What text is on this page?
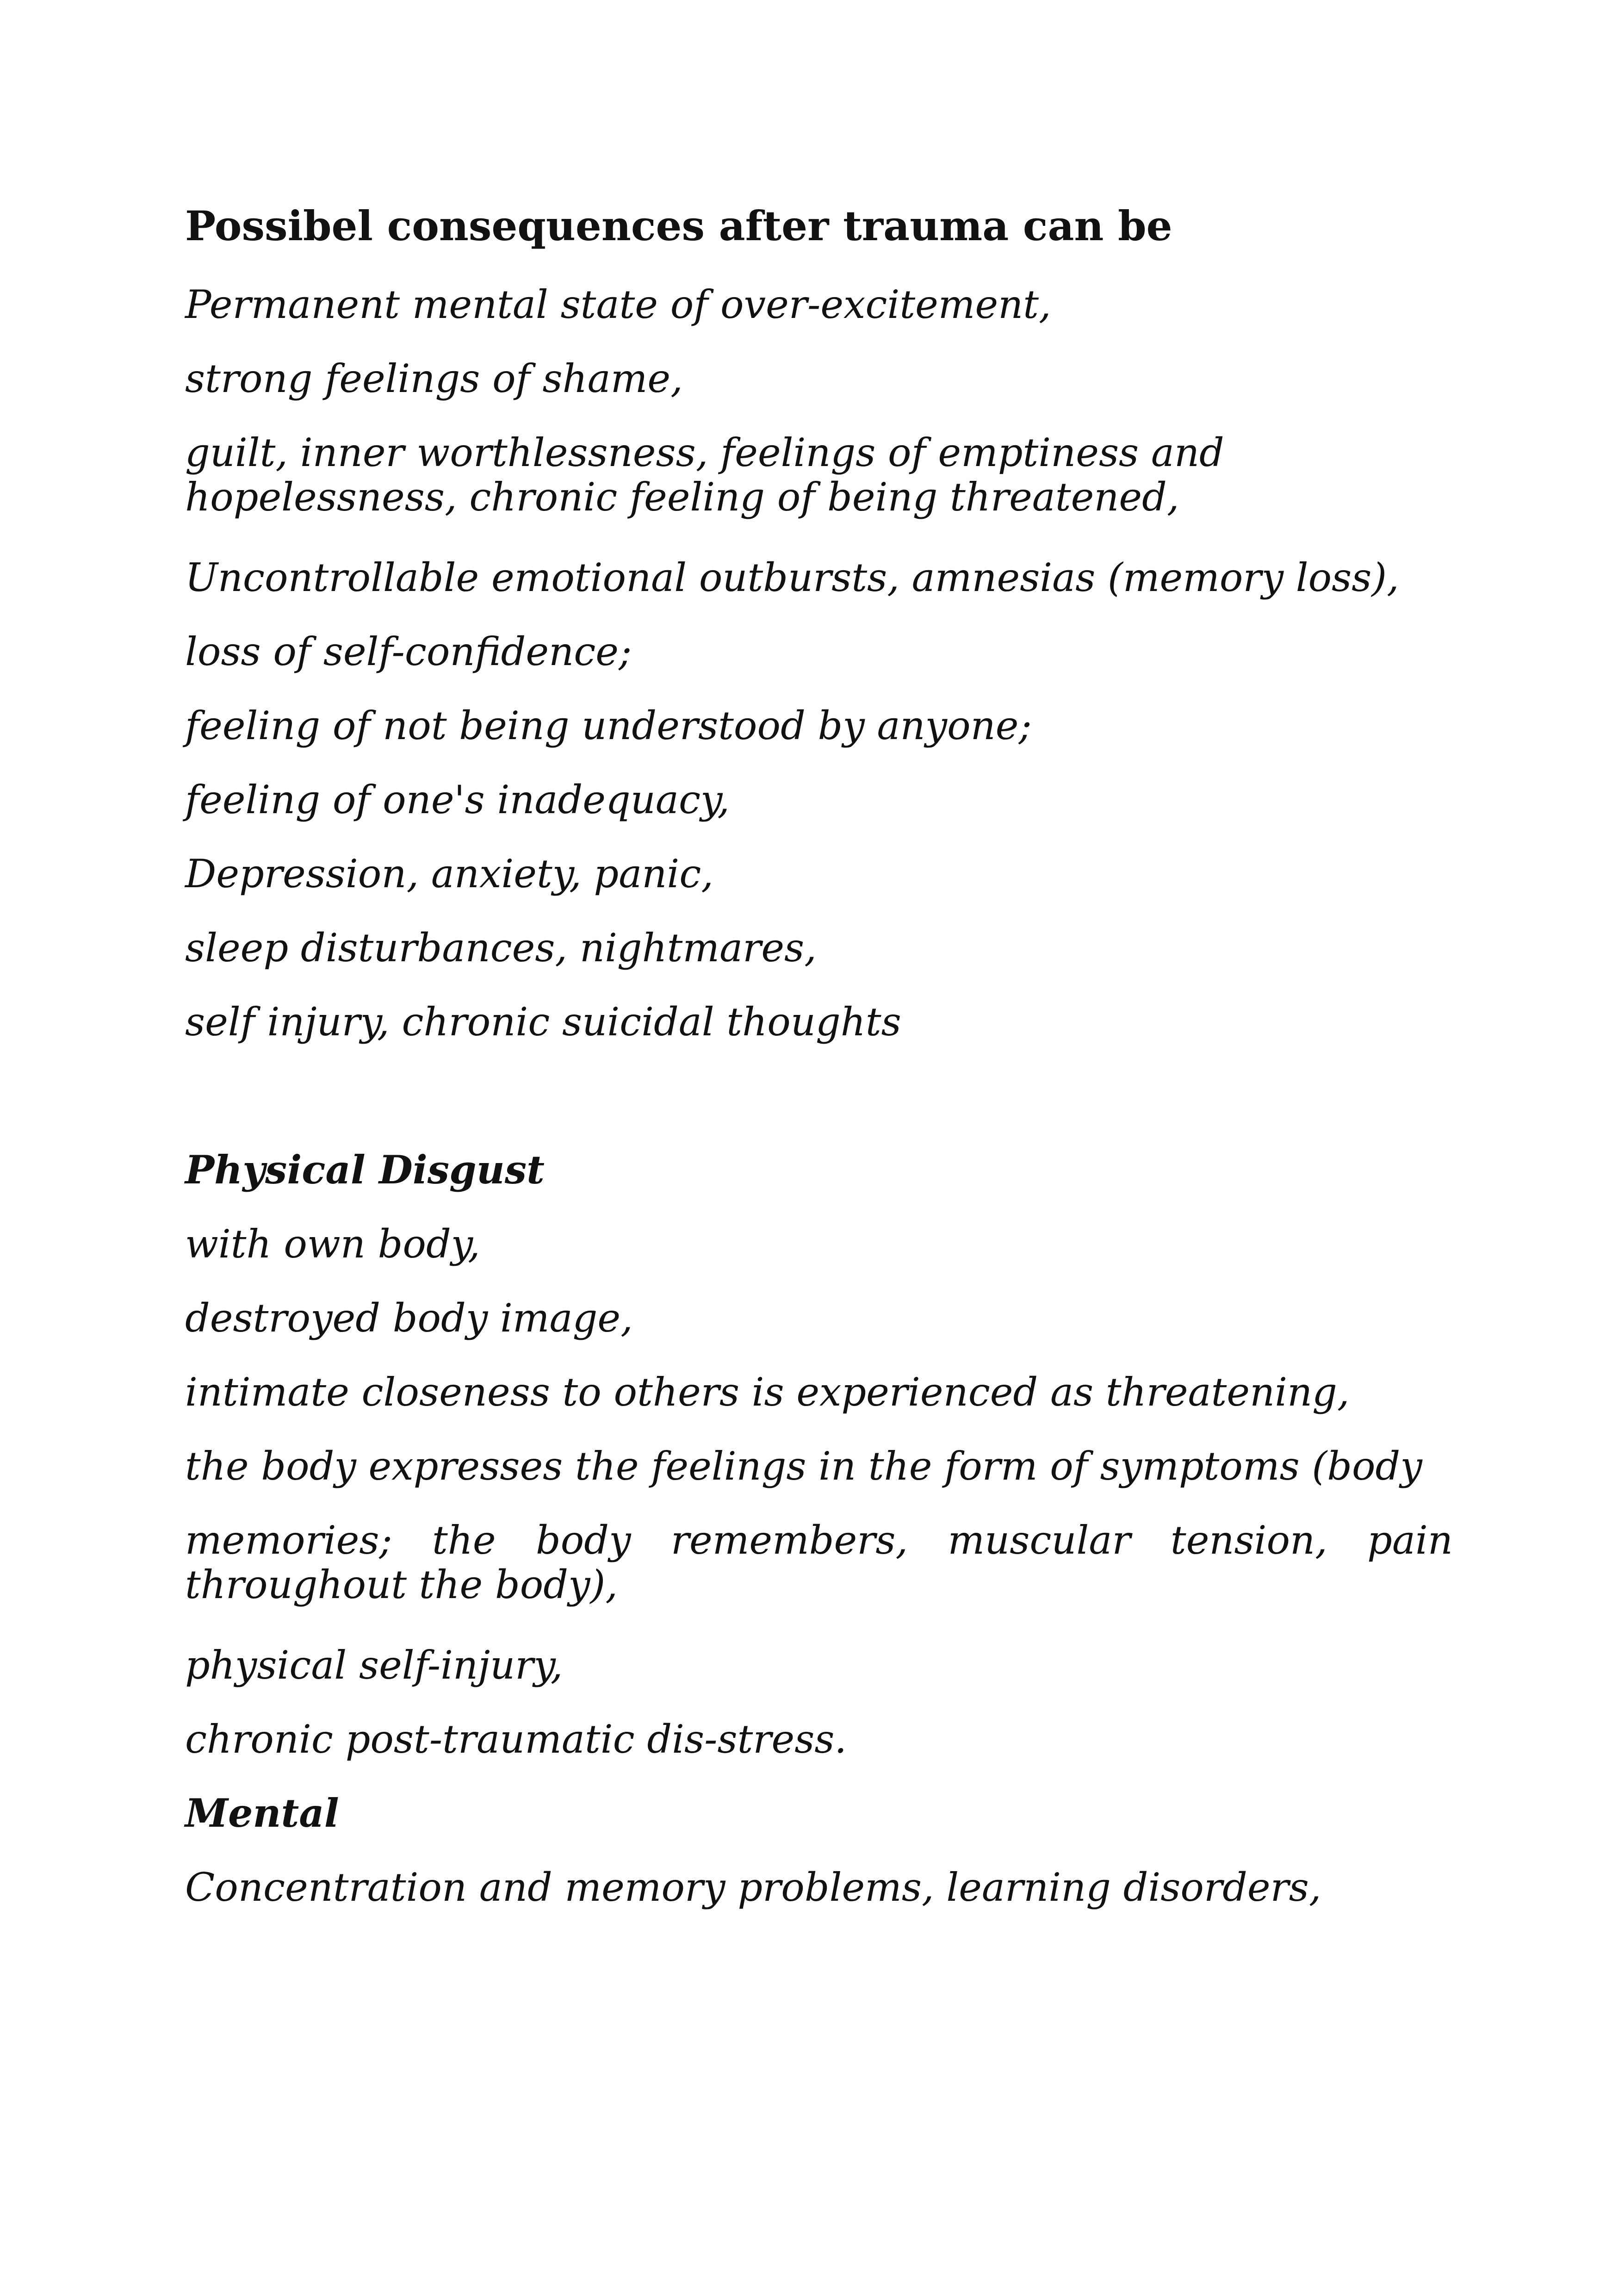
Possibel consequences after trauma can be

Permanent mental state of over-excitement,

strong feelings of shame,

guilt, inner worthlessness, feelings of emptiness and hopelessness, chronic feeling of being threatened,

Uncontrollable emotional outbursts, amnesias (memory loss),

loss of self-confidence;

feeling of not being understood by anyone;

feeling of one's inadequacy,

Depression, anxiety, panic,

sleep disturbances, nightmares,

self injury, chronic suicidal thoughts

Physical Disgust

with own body,

destroyed body image,

intimate closeness to others is experienced as threatening,

the body expresses the feelings in the form of symptoms (body

memories; the body remembers, muscular tension, pain throughout the body),

physical self-injury,

chronic post-traumatic dis-stress.

Mental

Concentration and memory problems, learning disorders,
